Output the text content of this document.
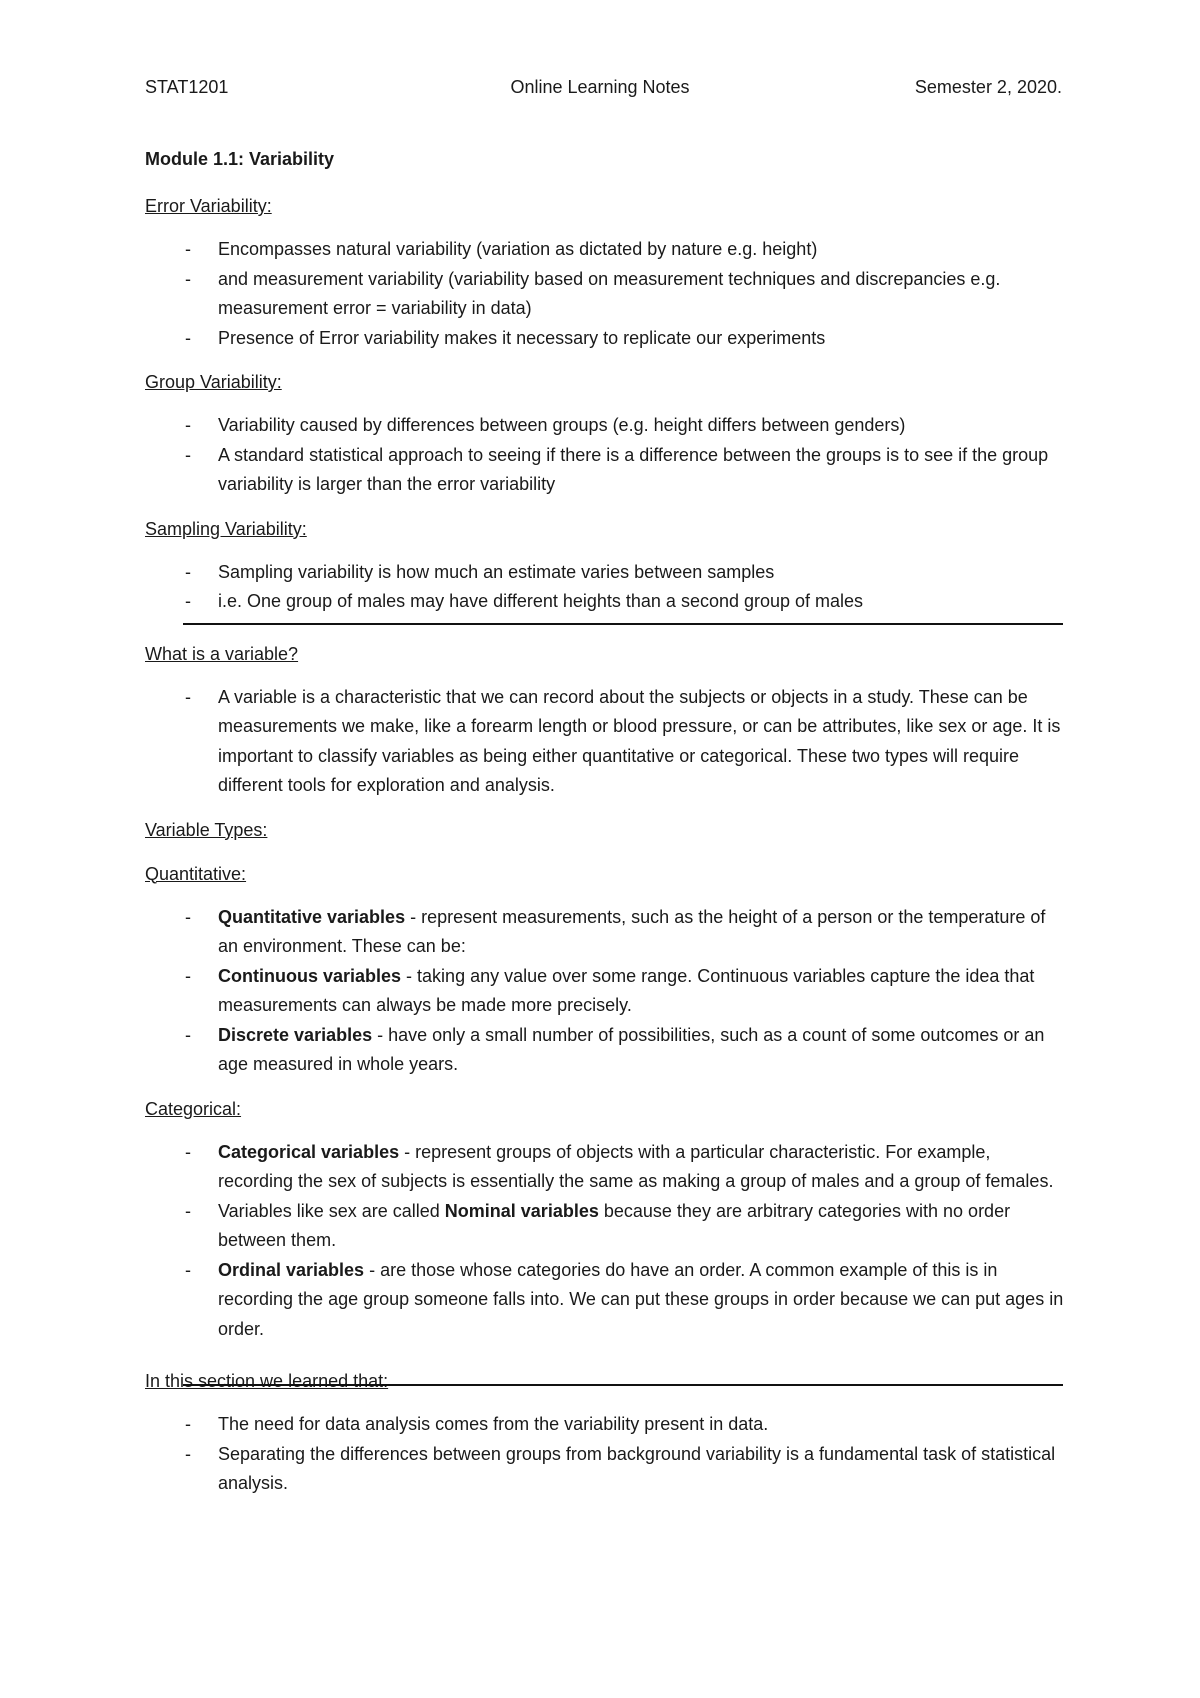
STAT1201	Online Learning Notes	Semester 2, 2020.
Module 1.1: Variability
Error Variability:
- Encompasses natural variability (variation as dictated by nature e.g. height)
- and measurement variability (variability based on measurement techniques and discrepancies e.g. measurement error = variability in data)
- Presence of Error variability makes it necessary to replicate our experiments
Group Variability:
- Variability caused by differences between groups (e.g. height differs between genders)
- A standard statistical approach to seeing if there is a difference between the groups is to see if the group variability is larger than the error variability
Sampling Variability:
- Sampling variability is how much an estimate varies between samples
- i.e. One group of males may have different heights than a second group of males
What is a variable?
- A variable is a characteristic that we can record about the subjects or objects in a study. These can be measurements we make, like a forearm length or blood pressure, or can be attributes, like sex or age. It is important to classify variables as being either quantitative or categorical. These two types will require different tools for exploration and analysis.
Variable Types:
Quantitative:
- Quantitative variables - represent measurements, such as the height of a person or the temperature of an environment. These can be:
- Continuous variables - taking any value over some range. Continuous variables capture the idea that measurements can always be made more precisely.
- Discrete variables - have only a small number of possibilities, such as a count of some outcomes or an age measured in whole years.
Categorical:
- Categorical variables - represent groups of objects with a particular characteristic. For example, recording the sex of subjects is essentially the same as making a group of males and a group of females.
- Variables like sex are called Nominal variables because they are arbitrary categories with no order between them.
- Ordinal variables - are those whose categories do have an order. A common example of this is in recording the age group someone falls into. We can put these groups in order because we can put ages in order.
In this section we learned that:
- The need for data analysis comes from the variability present in data.
- Separating the differences between groups from background variability is a fundamental task of statistical analysis.
